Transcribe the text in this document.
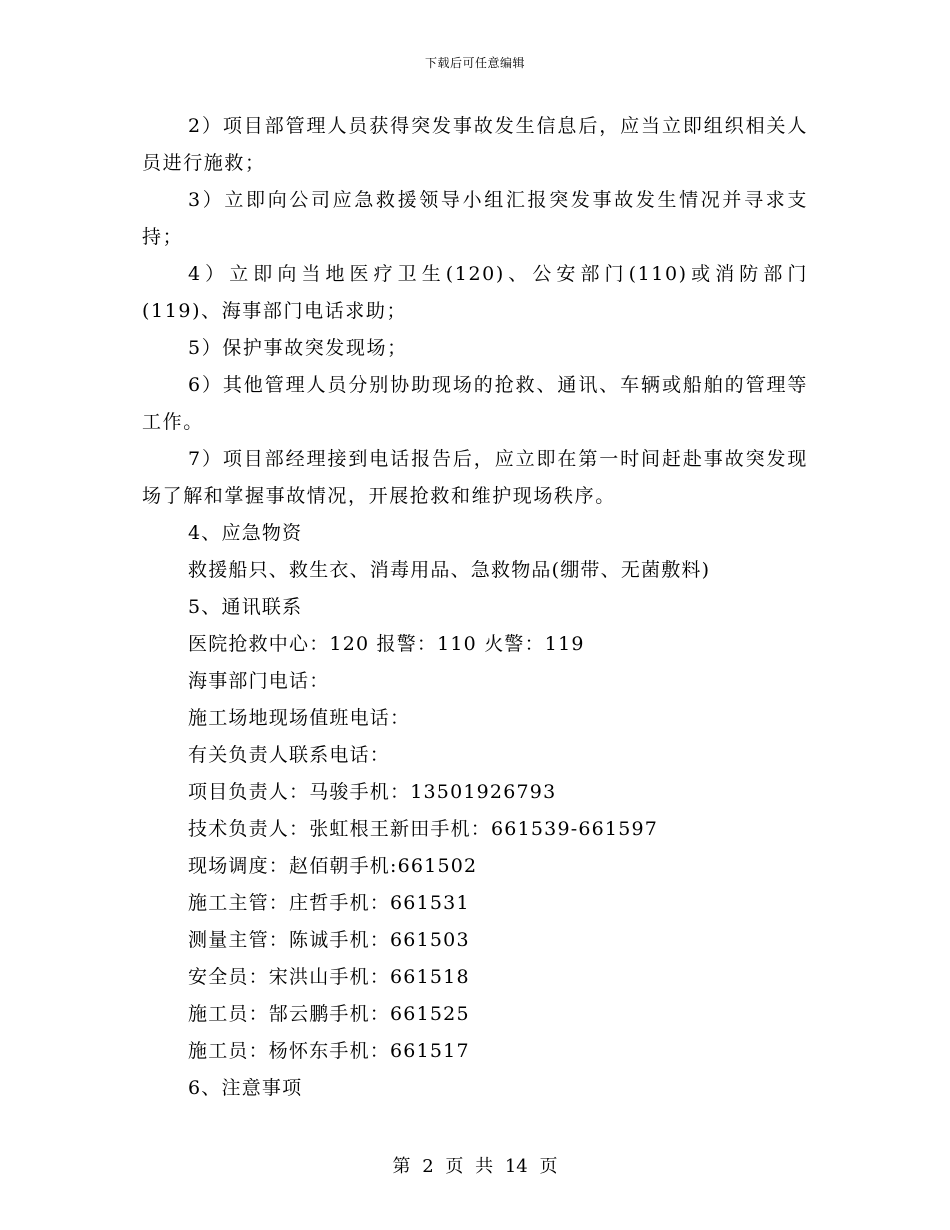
下载后可任意编辑

2）项目部管理人员获得突发事故发生信息后，应当立即组织相关人员进行施救；

3）立即向公司应急救援领导小组汇报突发事故发生情况并寻求支持；

4）立即向当地医疗卫生(120)、公安部门(110)或消防部门(119)、海事部门电话求助；

5）保护事故突发现场；

6）其他管理人员分别协助现场的抢救、通讯、车辆或船舶的管理等工作。

7）项目部经理接到电话报告后，应立即在第一时间赶赴事故突发现场了解和掌握事故情况，开展抢救和维护现场秩序。

4、应急物资

救援船只、救生衣、消毒用品、急救物品(绷带、无菌敷料)

5、通讯联系

医院抢救中心：120 报警：110 火警：119

海事部门电话：

施工场地现场值班电话：

有关负责人联系电话：

项目负责人：马骏手机：13501926793

技术负责人：张虹根王新田手机：661539-661597

现场调度：赵佰朝手机:661502

施工主管：庄哲手机：661531

测量主管：陈诚手机：661503

安全员：宋洪山手机：661518

施工员：郜云鹏手机：661525

施工员：杨怀东手机：661517

6、注意事项

第 2 页 共 14 页
